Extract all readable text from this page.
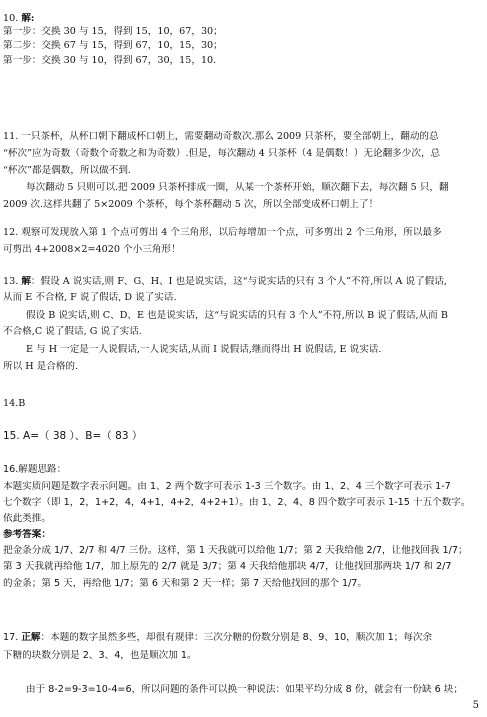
10. 解:
第一步：交换 30 与 15，得到 15，10，67，30；
第二步：交换 67 与 15，得到 67，10，15，30；
第一步：交换 30 与 10，得到 67，30，15，10.
11. 一只茶杯，从杯口朝下翻成杯口朝上，需要翻动奇数次.那么 2009 只茶杯，要全部朝上，翻动的总
“杯次”应为奇数（奇数个奇数之和为奇数）.但是，每次翻动 4 只茶杯（4 是偶数！）无论翻多少次，总
“杯次”都是偶数，所以做不到.
每次翻动 5 只则可以.把 2009 只茶杯排成一圈，从某一个茶杯开始，顺次翻下去，每次翻 5 只，翻
2009 次.这样共翻了 5×2009 个茶杯，每个茶杯翻动 5 次，所以全部变成杯口朝上了！
12. 观察可发现放入第 1 个点可剪出 4 个三角形，以后每增加一个点，可多剪出 2 个三角形，所以最多
可剪出 4+2008×2=4020 个小三角形！
13. 解：假设 A 说实话,则 F、G、H、I 也是说实话，这“与说实话的只有 3 个人”不符,所以 A 说了假话,
从而 E 不合格, F 说了假话, D 说了实话.
假设 B 说实话,则 C、D、E 也是说实话，这“与说实话的只有 3 个人”不符,所以 B 说了假话,从而 B
不合格,C 说了假话, G 说了实话.
E 与 H 一定是一人说假话,一人说实话,从而 I 说假话,继而得出 H 说假话, E 说实话.
所以 H 是合格的.
14.B
15. A=（ 38 ）、B=（ 83 ）
16.解题思路：
本题实质问题是数字表示问题。由 1、2 两个数字可表示 1-3 三个数字。由 1、2、4 三个数字可表示 1-7
七个数字（即 1，2，1+2，4，4+1，4+2，4+2+1）。由 1、2、4、8 四个数字可表示 1-15 十五个数字。
依此类推。
参考答案：
把金条分成 1/7、2/7 和 4/7 三份。这样，第 1 天我就可以给他 1/7；第 2 天我给他 2/7，让他找回我 1/7；
第 3 天我就再给他 1/7，加上原先的 2/7 就是 3/7；第 4 天我给他那块 4/7，让他找回那两块 1/7 和 2/7
的金条；第 5 天，再给他 1/7；第 6 天和第 2 天一样；第 7 天给他找回的那个 1/7。
17. 正解：本题的数字虽然多些，却很有规律：三次分糖的份数分别是 8、9、10，顺次加 1；每次余
下糖的块数分别是 2、3、4，也是顺次加 1。
由于 8-2=9-3=10-4=6，所以问题的条件可以换一种说法：如果平均分成 8 份，就会有一份缺 6 块；
5
